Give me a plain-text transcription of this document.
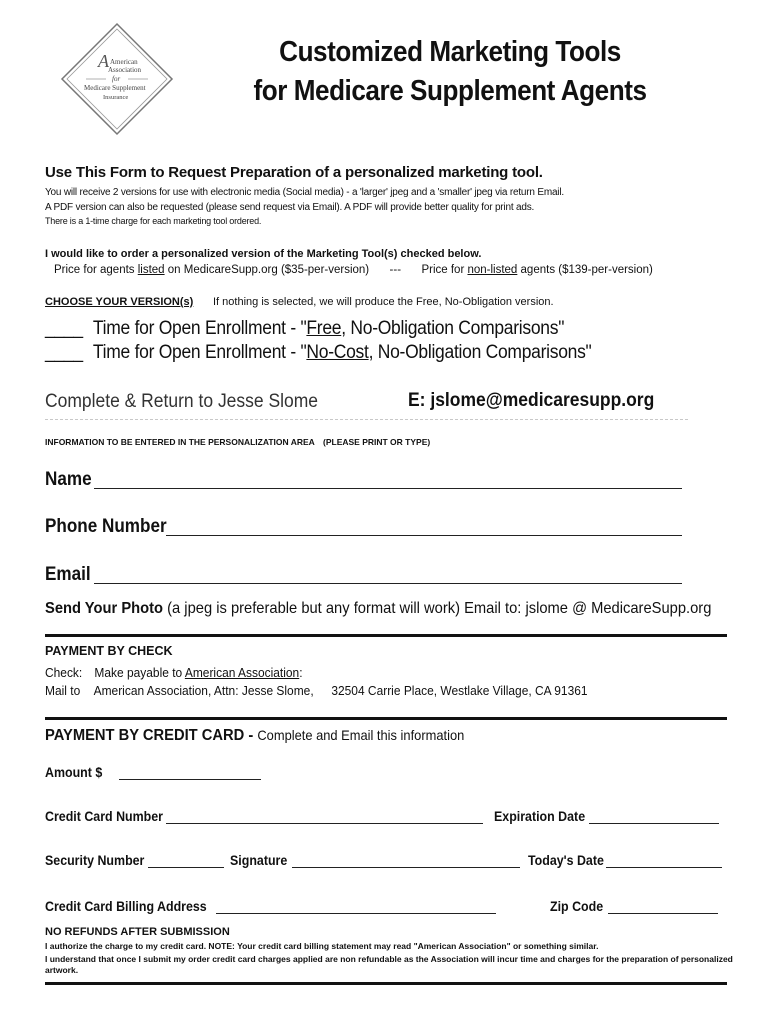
A American
Association
for
Medicare Supplement
Insurance
Customized Marketing Tools
for Medicare Supplement Agents
Use This Form to Request Preparation of a personalized marketing tool.
You will receive 2 versions for use with electronic media (Social media) - a 'larger' jpeg and a 'smaller' jpeg via return Email.
A PDF version can also be requested (please send request via Email). A PDF will provide better quality for print ads.
There is a 1-time charge for each marketing tool ordered.
I would like to order a personalized version of the Marketing Tool(s) checked below.
Price for agents listed on MedicareSupp.org ($35-per-version) --- Price for non-listed agents ($139-per-version)
CHOOSE YOUR VERSION(s) If nothing is selected, we will produce the Free, No-Obligation version.
____ Time for Open Enrollment - "Free, No-Obligation Comparisons"
____ Time for Open Enrollment - "No-Cost, No-Obligation Comparisons"
Complete & Return to Jesse Slome	E: jslome@medicaresupp.org
INFORMATION TO BE ENTERED IN THE PERSONALIZATION AREA (PLEASE PRINT OR TYPE)
Name
Phone Number
Email
Send Your Photo (a jpeg is preferable but any format will work) Email to: jslome @ MedicareSupp.org
PAYMENT BY CHECK
Check: Make payable to American Association:
Mail to American Association, Attn: Jesse Slome, 32504 Carrie Place, Westlake Village, CA 91361
PAYMENT BY CREDIT CARD - Complete and Email this information
Amount $
Credit Card Number	Expiration Date
Security Number	Signature	Today's Date
Credit Card Billing Address	Zip Code
NO REFUNDS AFTER SUBMISSION
I authorize the charge to my credit card. NOTE: Your credit card billing statement may read "American Association" or something similar.
I understand that once I submit my order credit card charges applied are non refundable as the Association will incur time and charges for the preparation of personalized artwork.
